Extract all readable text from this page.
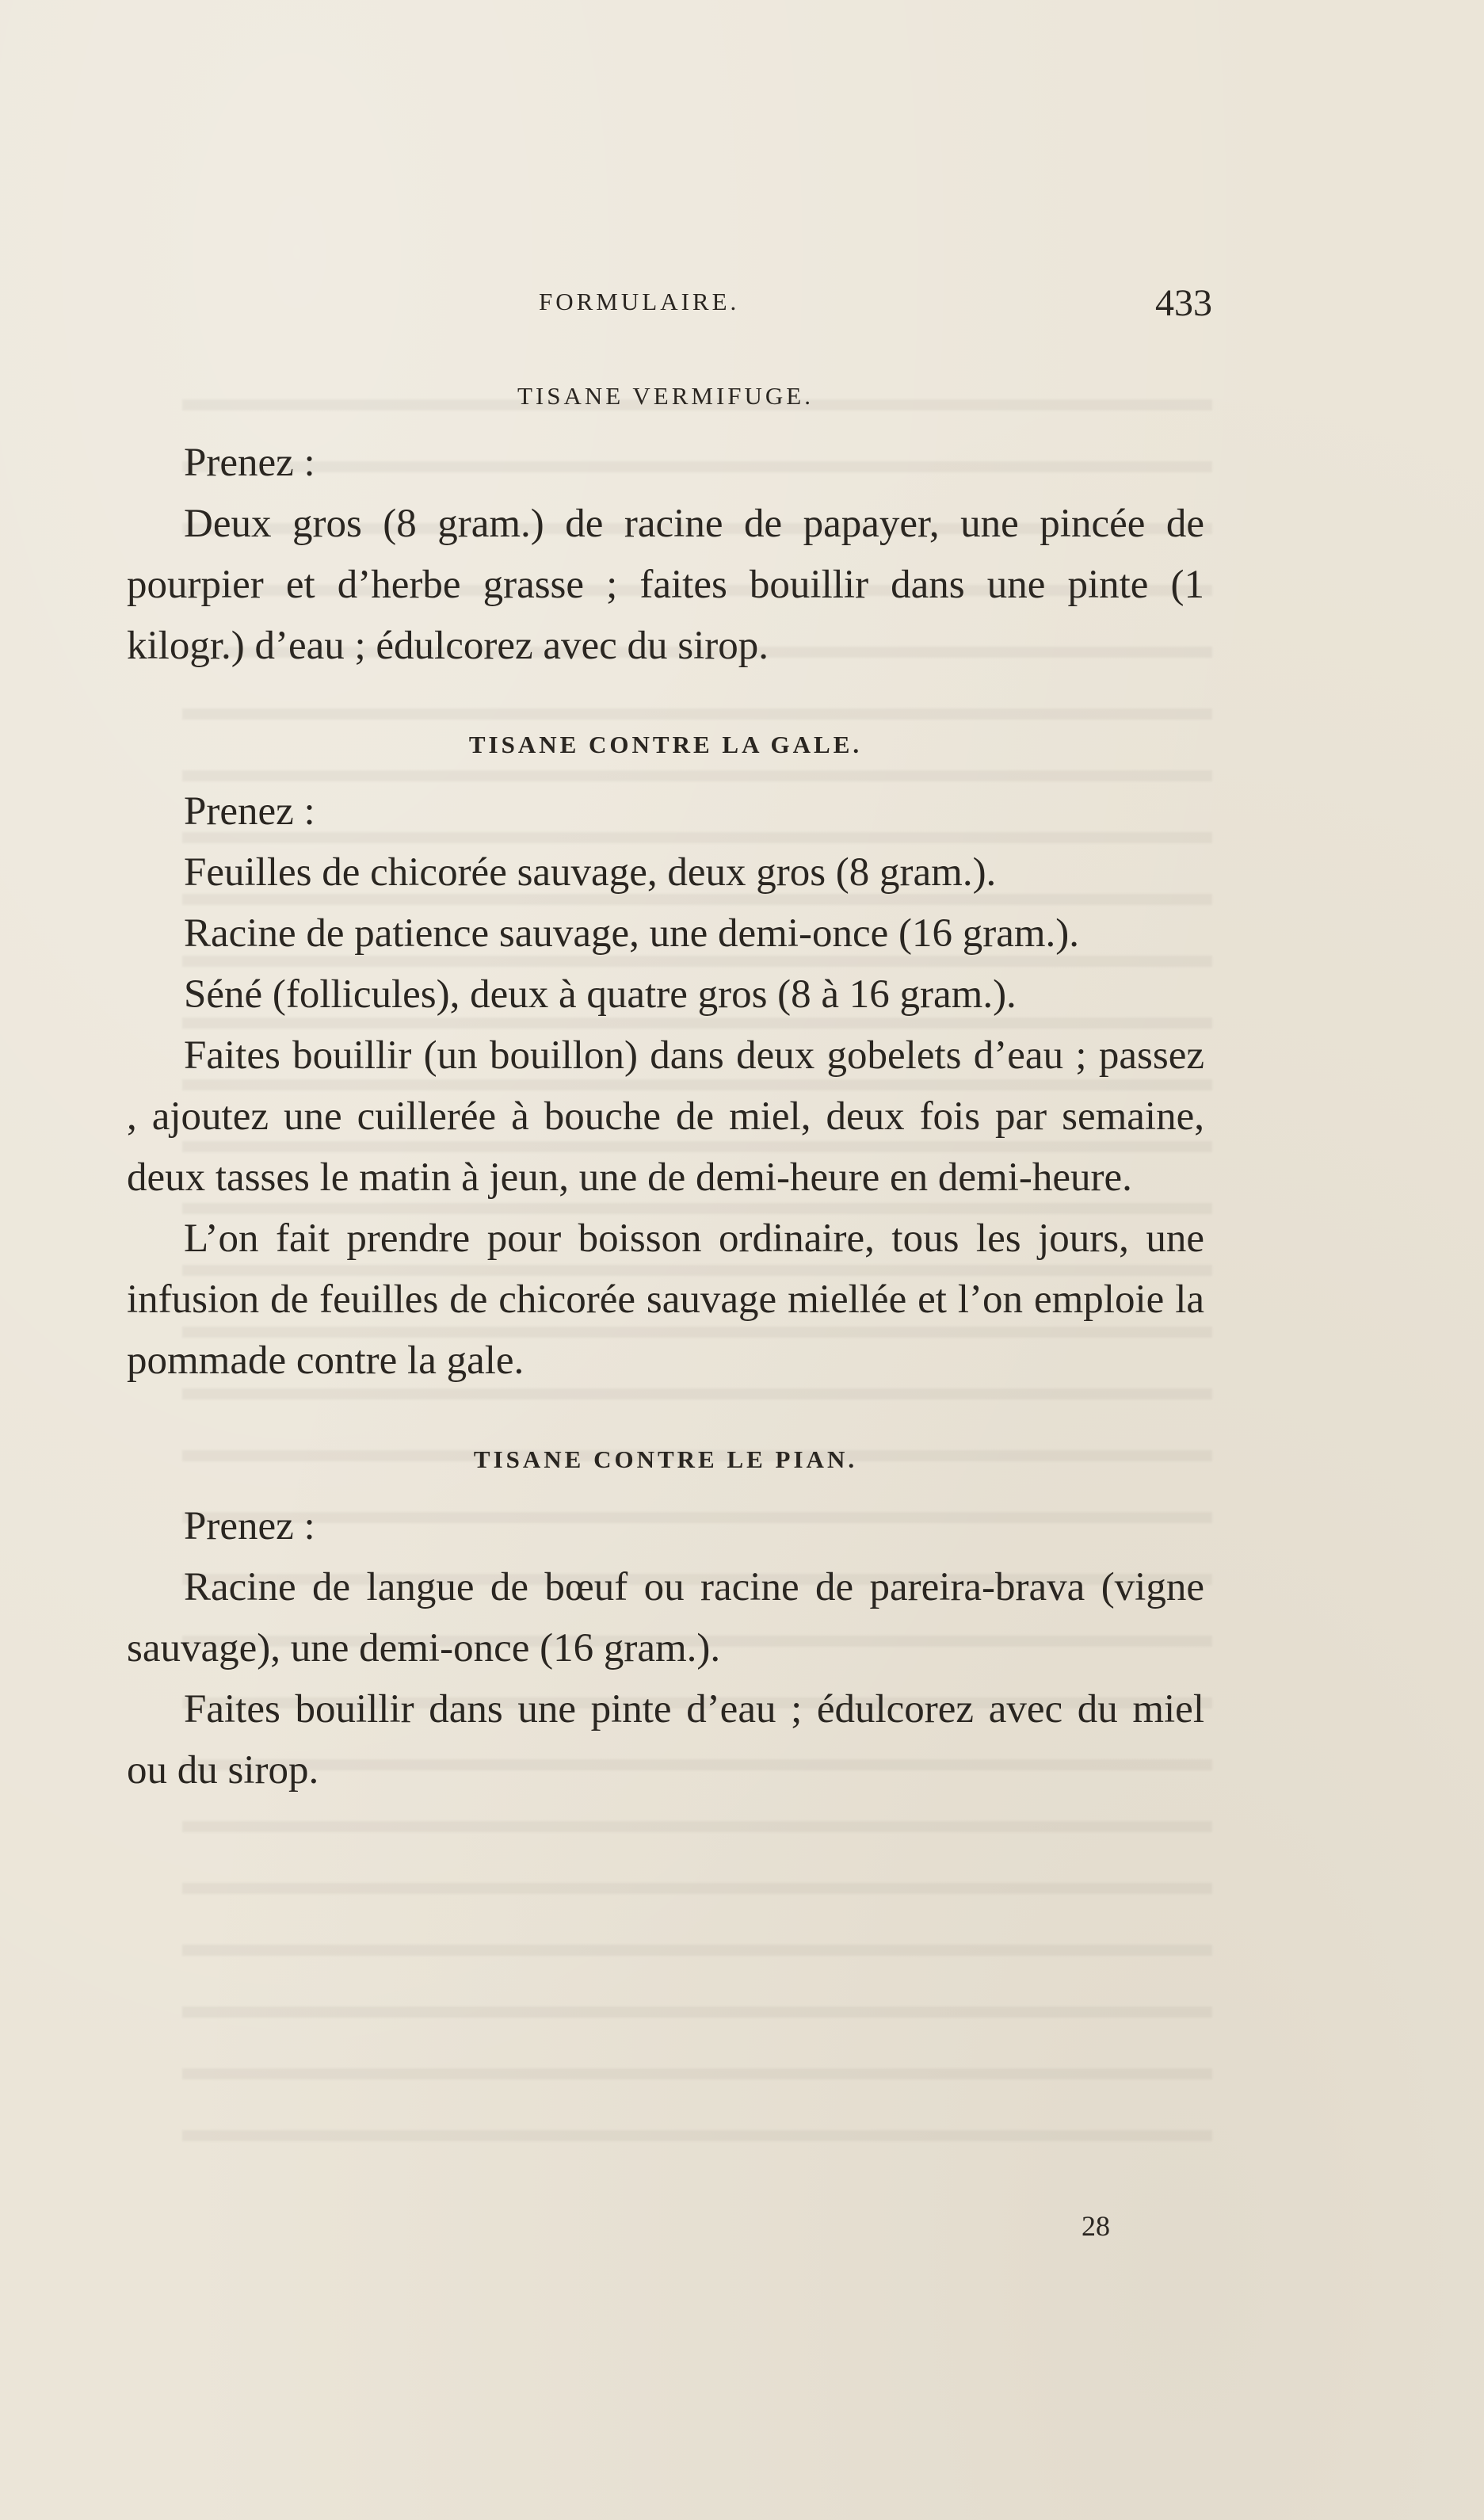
FORMULAIRE.	433
TISANE VERMIFUGE.

Prenez :

Deux gros (8 gram.) de racine de papayer, une pincée de pourpier et d’herbe grasse ; faites bouillir dans une pinte (1 kilogr.) d’eau ; édulcorez avec du sirop.

TISANE CONTRE LA GALE.

Prenez :

Feuilles de chicorée sauvage, deux gros (8 gram.).

Racine de patience sauvage, une demi-once (16 gram.).

Séné (follicules), deux à quatre gros (8 à 16 gram.).

Faites bouillir (un bouillon) dans deux gobelets d’eau ; passez , ajoutez une cuillerée à bouche de miel, deux fois par semaine, deux tasses le matin à jeun, une de demi-heure en demi-heure.

L’on fait prendre pour boisson ordinaire, tous les jours, une infusion de feuilles de chicorée sauvage miellée et l’on emploie la pommade contre la gale.

TISANE CONTRE LE PIAN.

Prenez :

Racine de langue de bœuf ou racine de pareira-brava (vigne sauvage), une demi-once (16 gram.).

Faites bouillir dans une pinte d’eau ; édulcorez avec du miel ou du sirop.

28
